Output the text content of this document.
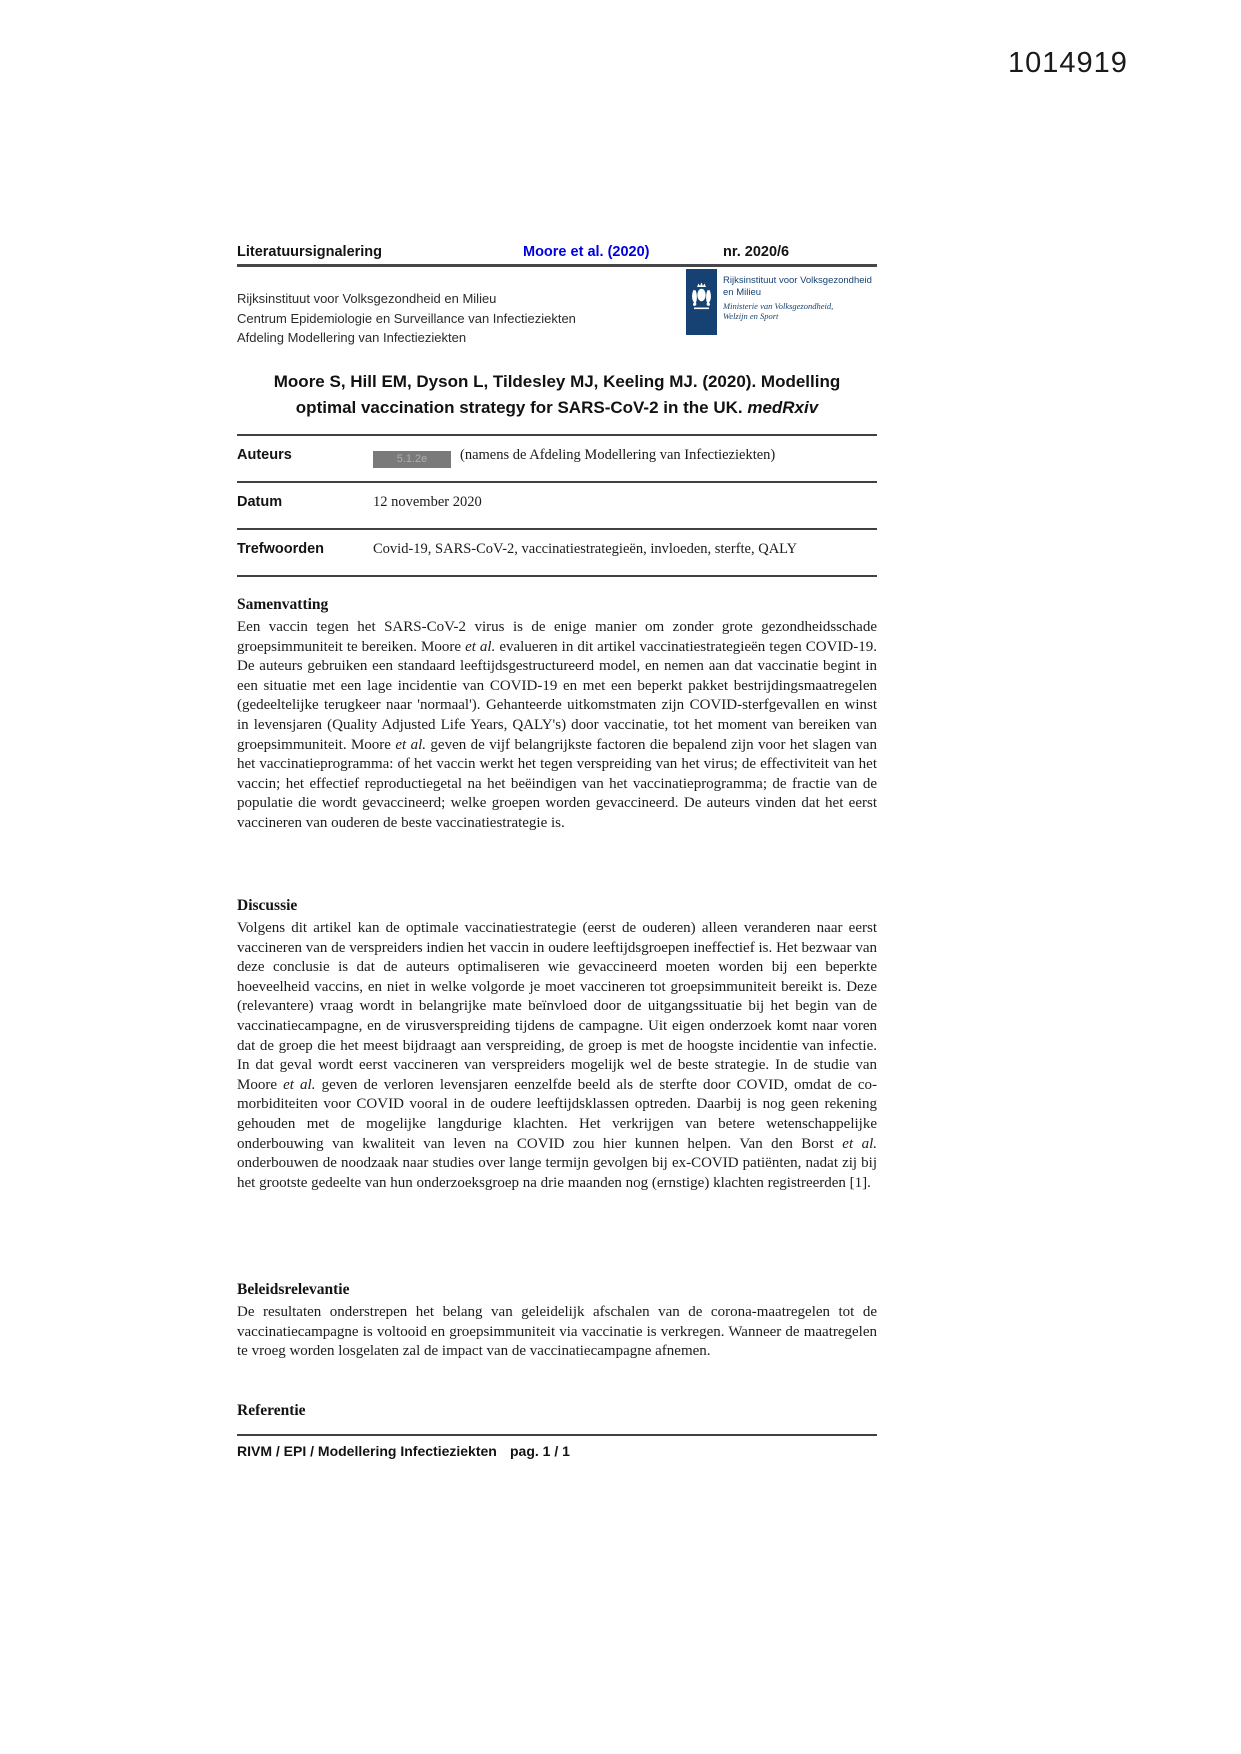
1014919
Literatuursignalering	Moore et al. (2020)	nr. 2020/6
Rijksinstituut voor Volksgezondheid en Milieu
Centrum Epidemiologie en Surveillance van Infectieziekten
Afdeling Modellering van Infectieziekten
Rijksinstituut voor Volksgezondheid
en Milieu
Ministerie van Volksgezondheid,
Welzijn en Sport
Moore S, Hill EM, Dyson L, Tildesley MJ, Keeling MJ. (2020). Modelling
optimal vaccination strategy for SARS-CoV-2 in the UK. medRxiv
Auteurs	5.1.2e (namens de Afdeling Modellering van Infectieziekten)
Datum	12 november 2020
Trefwoorden	Covid-19, SARS-CoV-2, vaccinatiestrategieën, invloeden, sterfte, QALY
Samenvatting

Een vaccin tegen het SARS-CoV-2 virus is de enige manier om zonder grote gezondheidsschade groepsimmuniteit te bereiken. Moore et al. evalueren in dit artikel vaccinatiestrategieën tegen COVID-19. De auteurs gebruiken een standaard leeftijdsgestructureerd model, en nemen aan dat vaccinatie begint in een situatie met een lage incidentie van COVID-19 en met een beperkt pakket bestrijdingsmaatregelen (gedeeltelijke terugkeer naar 'normaal'). Gehanteerde uitkomstmaten zijn COVID-sterfgevallen en winst in levensjaren (Quality Adjusted Life Years, QALY's) door vaccinatie, tot het moment van bereiken van groepsimmuniteit. Moore et al. geven de vijf belangrijkste factoren die bepalend zijn voor het slagen van het vaccinatieprogramma: of het vaccin werkt het tegen verspreiding van het virus; de effectiviteit van het vaccin; het effectief reproductiegetal na het beëindigen van het vaccinatieprogramma; de fractie van de populatie die wordt gevaccineerd; welke groepen worden gevaccineerd. De auteurs vinden dat het eerst vaccineren van ouderen de beste vaccinatiestrategie is.

Discussie

Volgens dit artikel kan de optimale vaccinatiestrategie (eerst de ouderen) alleen veranderen naar eerst vaccineren van de verspreiders indien het vaccin in oudere leeftijdsgroepen ineffectief is. Het bezwaar van deze conclusie is dat de auteurs optimaliseren wie gevaccineerd moeten worden bij een beperkte hoeveelheid vaccins, en niet in welke volgorde je moet vaccineren tot groepsimmuniteit bereikt is. Deze (relevantere) vraag wordt in belangrijke mate beïnvloed door de uitgangssituatie bij het begin van de vaccinatiecampagne, en de virusverspreiding tijdens de campagne. Uit eigen onderzoek komt naar voren dat de groep die het meest bijdraagt aan verspreiding, de groep is met de hoogste incidentie van infectie. In dat geval wordt eerst vaccineren van verspreiders mogelijk wel de beste strategie. In de studie van Moore et al. geven de verloren levensjaren eenzelfde beeld als de sterfte door COVID, omdat de co-morbiditeiten voor COVID vooral in de oudere leeftijdsklassen optreden. Daarbij is nog geen rekening gehouden met de mogelijke langdurige klachten. Het verkrijgen van betere wetenschappelijke onderbouwing van kwaliteit van leven na COVID zou hier kunnen helpen. Van den Borst et al. onderbouwen de noodzaak naar studies over lange termijn gevolgen bij ex-COVID patiënten, nadat zij bij het grootste gedeelte van hun onderzoeksgroep na drie maanden nog (ernstige) klachten registreerden [1].

Beleidsrelevantie

De resultaten onderstrepen het belang van geleidelijk afschalen van de corona-maatregelen tot de vaccinatiecampagne is voltooid en groepsimmuniteit via vaccinatie is verkregen. Wanneer de maatregelen te vroeg worden losgelaten zal de impact van de vaccinatiecampagne afnemen.

Referentie
RIVM / EPI / Modellering Infectieziekten pag. 1 / 1
